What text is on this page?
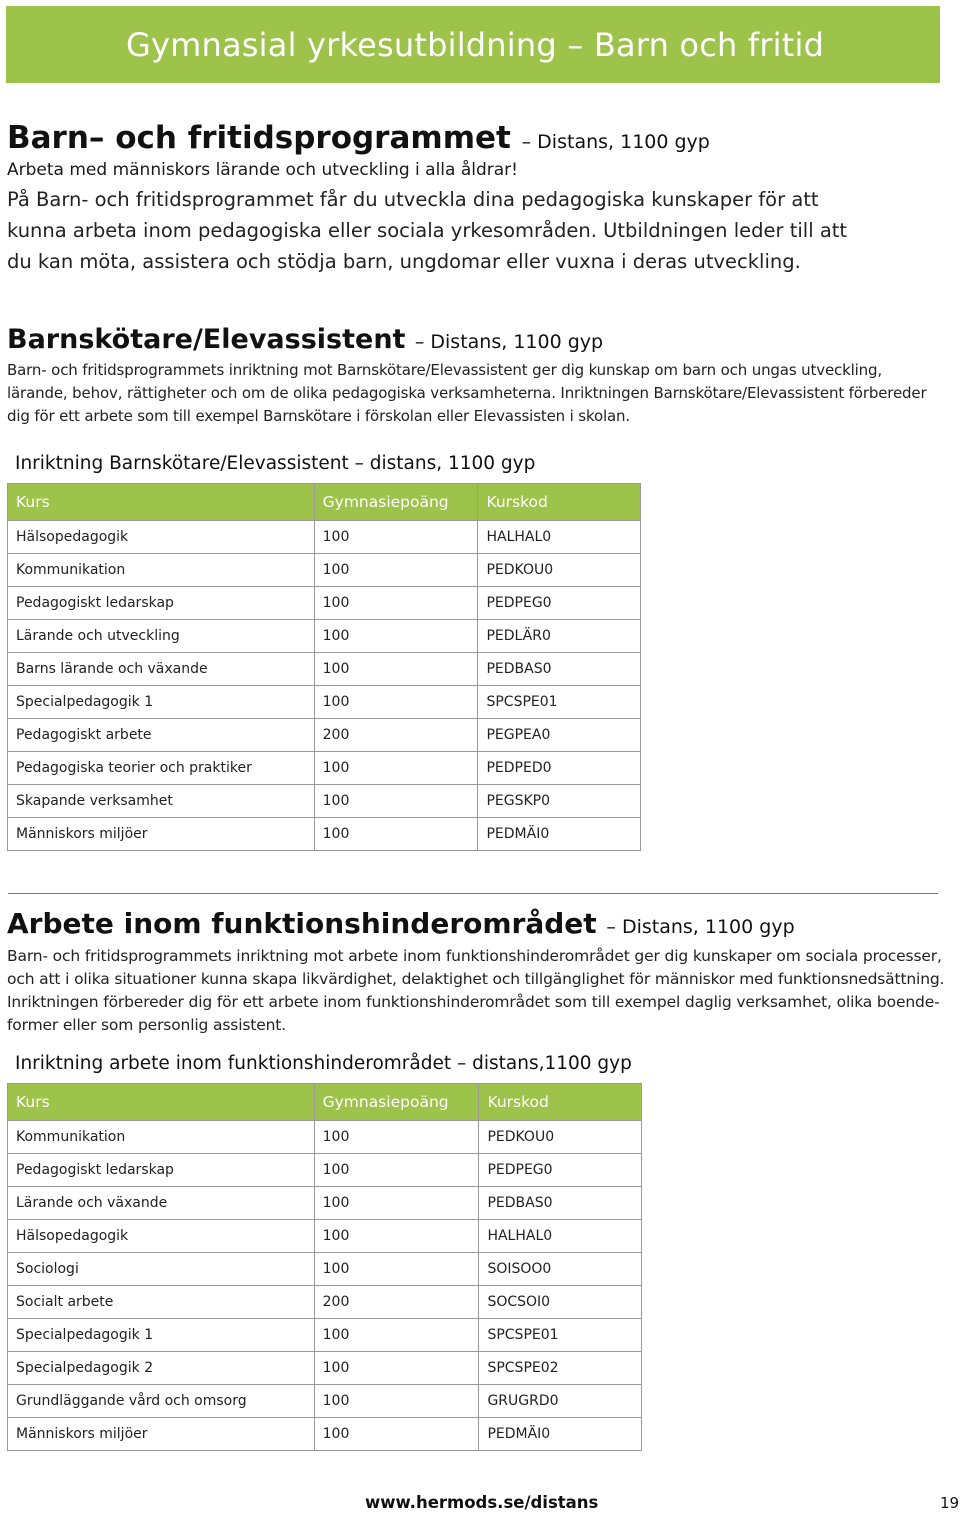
Gymnasial yrkesutbildning – Barn och fritid
Barn– och fritidsprogrammet – Distans, 1100 gyp
Arbeta med människors lärande och utveckling i alla åldrar!

På Barn- och fritidsprogrammet får du utveckla dina pedagogiska kunskaper för att
kunna arbeta inom pedagogiska eller sociala yrkesområden. Utbildningen leder till att
du kan möta, assistera och stödja barn, ungdomar eller vuxna i deras utveckling.

Barnskötare/Elevassistent – Distans, 1100 gyp

Barn- och fritidsprogrammets inriktning mot Barnskötare/Elevassistent ger dig kunskap om barn och ungas utveckling,
lärande, behov, rättigheter och om de olika pedagogiska verksamheterna. Inriktningen Barnskötare/Elevassistent förbereder
dig för ett arbete som till exempel Barnskötare i förskolan eller Elevassisten i skolan.

Inriktning Barnskötare/Elevassistent – distans, 1100 gyp
Kurs	Gymnasiepoäng	Kurskod
Hälsopedagogik	100	HALHAL0
Kommunikation	100	PEDKOU0
Pedagogiskt ledarskap	100	PEDPEG0
Lärande och utveckling	100	PEDLÄR0
Barns lärande och växande	100	PEDBAS0
Specialpedagogik 1	100	SPCSPE01
Pedagogiskt arbete	200	PEGPEA0
Pedagogiska teorier och praktiker	100	PEDPED0
Skapande verksamhet	100	PEGSKP0
Människors miljöer	100	PEDMÄI0
Arbete inom funktionshinderområdet – Distans, 1100 gyp

Barn- och fritidsprogrammets inriktning mot arbete inom funktionshinderområdet ger dig kunskaper om sociala processer,
och att i olika situationer kunna skapa likvärdighet, delaktighet och tillgänglighet för människor med funktionsnedsättning.
Inriktningen förbereder dig för ett arbete inom funktionshinderområdet som till exempel daglig verksamhet, olika boende-
former eller som personlig assistent.

Inriktning arbete inom funktionshinderområdet – distans,1100 gyp
Kurs	Gymnasiepoäng	Kurskod
Kommunikation	100	PEDKOU0
Pedagogiskt ledarskap	100	PEDPEG0
Lärande och växande	100	PEDBAS0
Hälsopedagogik	100	HALHAL0
Sociologi	100	SOISOO0
Socialt arbete	200	SOCSOI0
Specialpedagogik 1	100	SPCSPE01
Specialpedagogik 2	100	SPCSPE02
Grundläggande vård och omsorg	100	GRUGRD0
Människors miljöer	100	PEDMÄI0
www.hermods.se/distans	19
